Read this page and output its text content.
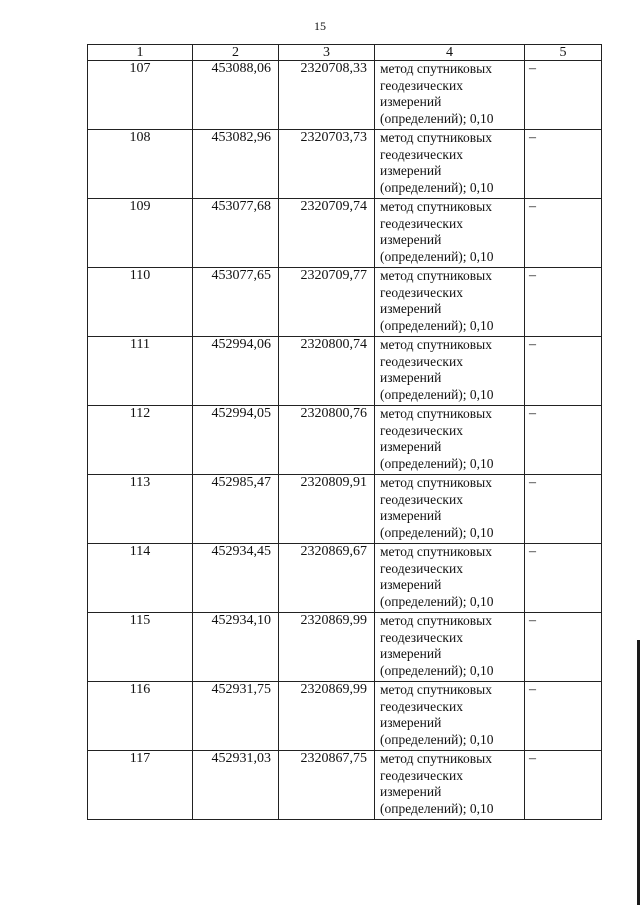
15
1	2	3	4	5
107	453088,06	2320708,33	метод спутниковых
геодезических
измерений
(определений); 0,10	–
108	453082,96	2320703,73	метод спутниковых
геодезических
измерений
(определений); 0,10	–
109	453077,68	2320709,74	метод спутниковых
геодезических
измерений
(определений); 0,10	–
110	453077,65	2320709,77	метод спутниковых
геодезических
измерений
(определений); 0,10	–
111	452994,06	2320800,74	метод спутниковых
геодезических
измерений
(определений); 0,10	–
112	452994,05	2320800,76	метод спутниковых
геодезических
измерений
(определений); 0,10	–
113	452985,47	2320809,91	метод спутниковых
геодезических
измерений
(определений); 0,10	–
114	452934,45	2320869,67	метод спутниковых
геодезических
измерений
(определений); 0,10	–
115	452934,10	2320869,99	метод спутниковых
геодезических
измерений
(определений); 0,10	–
116	452931,75	2320869,99	метод спутниковых
геодезических
измерений
(определений); 0,10	–
117	452931,03	2320867,75	метод спутниковых
геодезических
измерений
(определений); 0,10	–
